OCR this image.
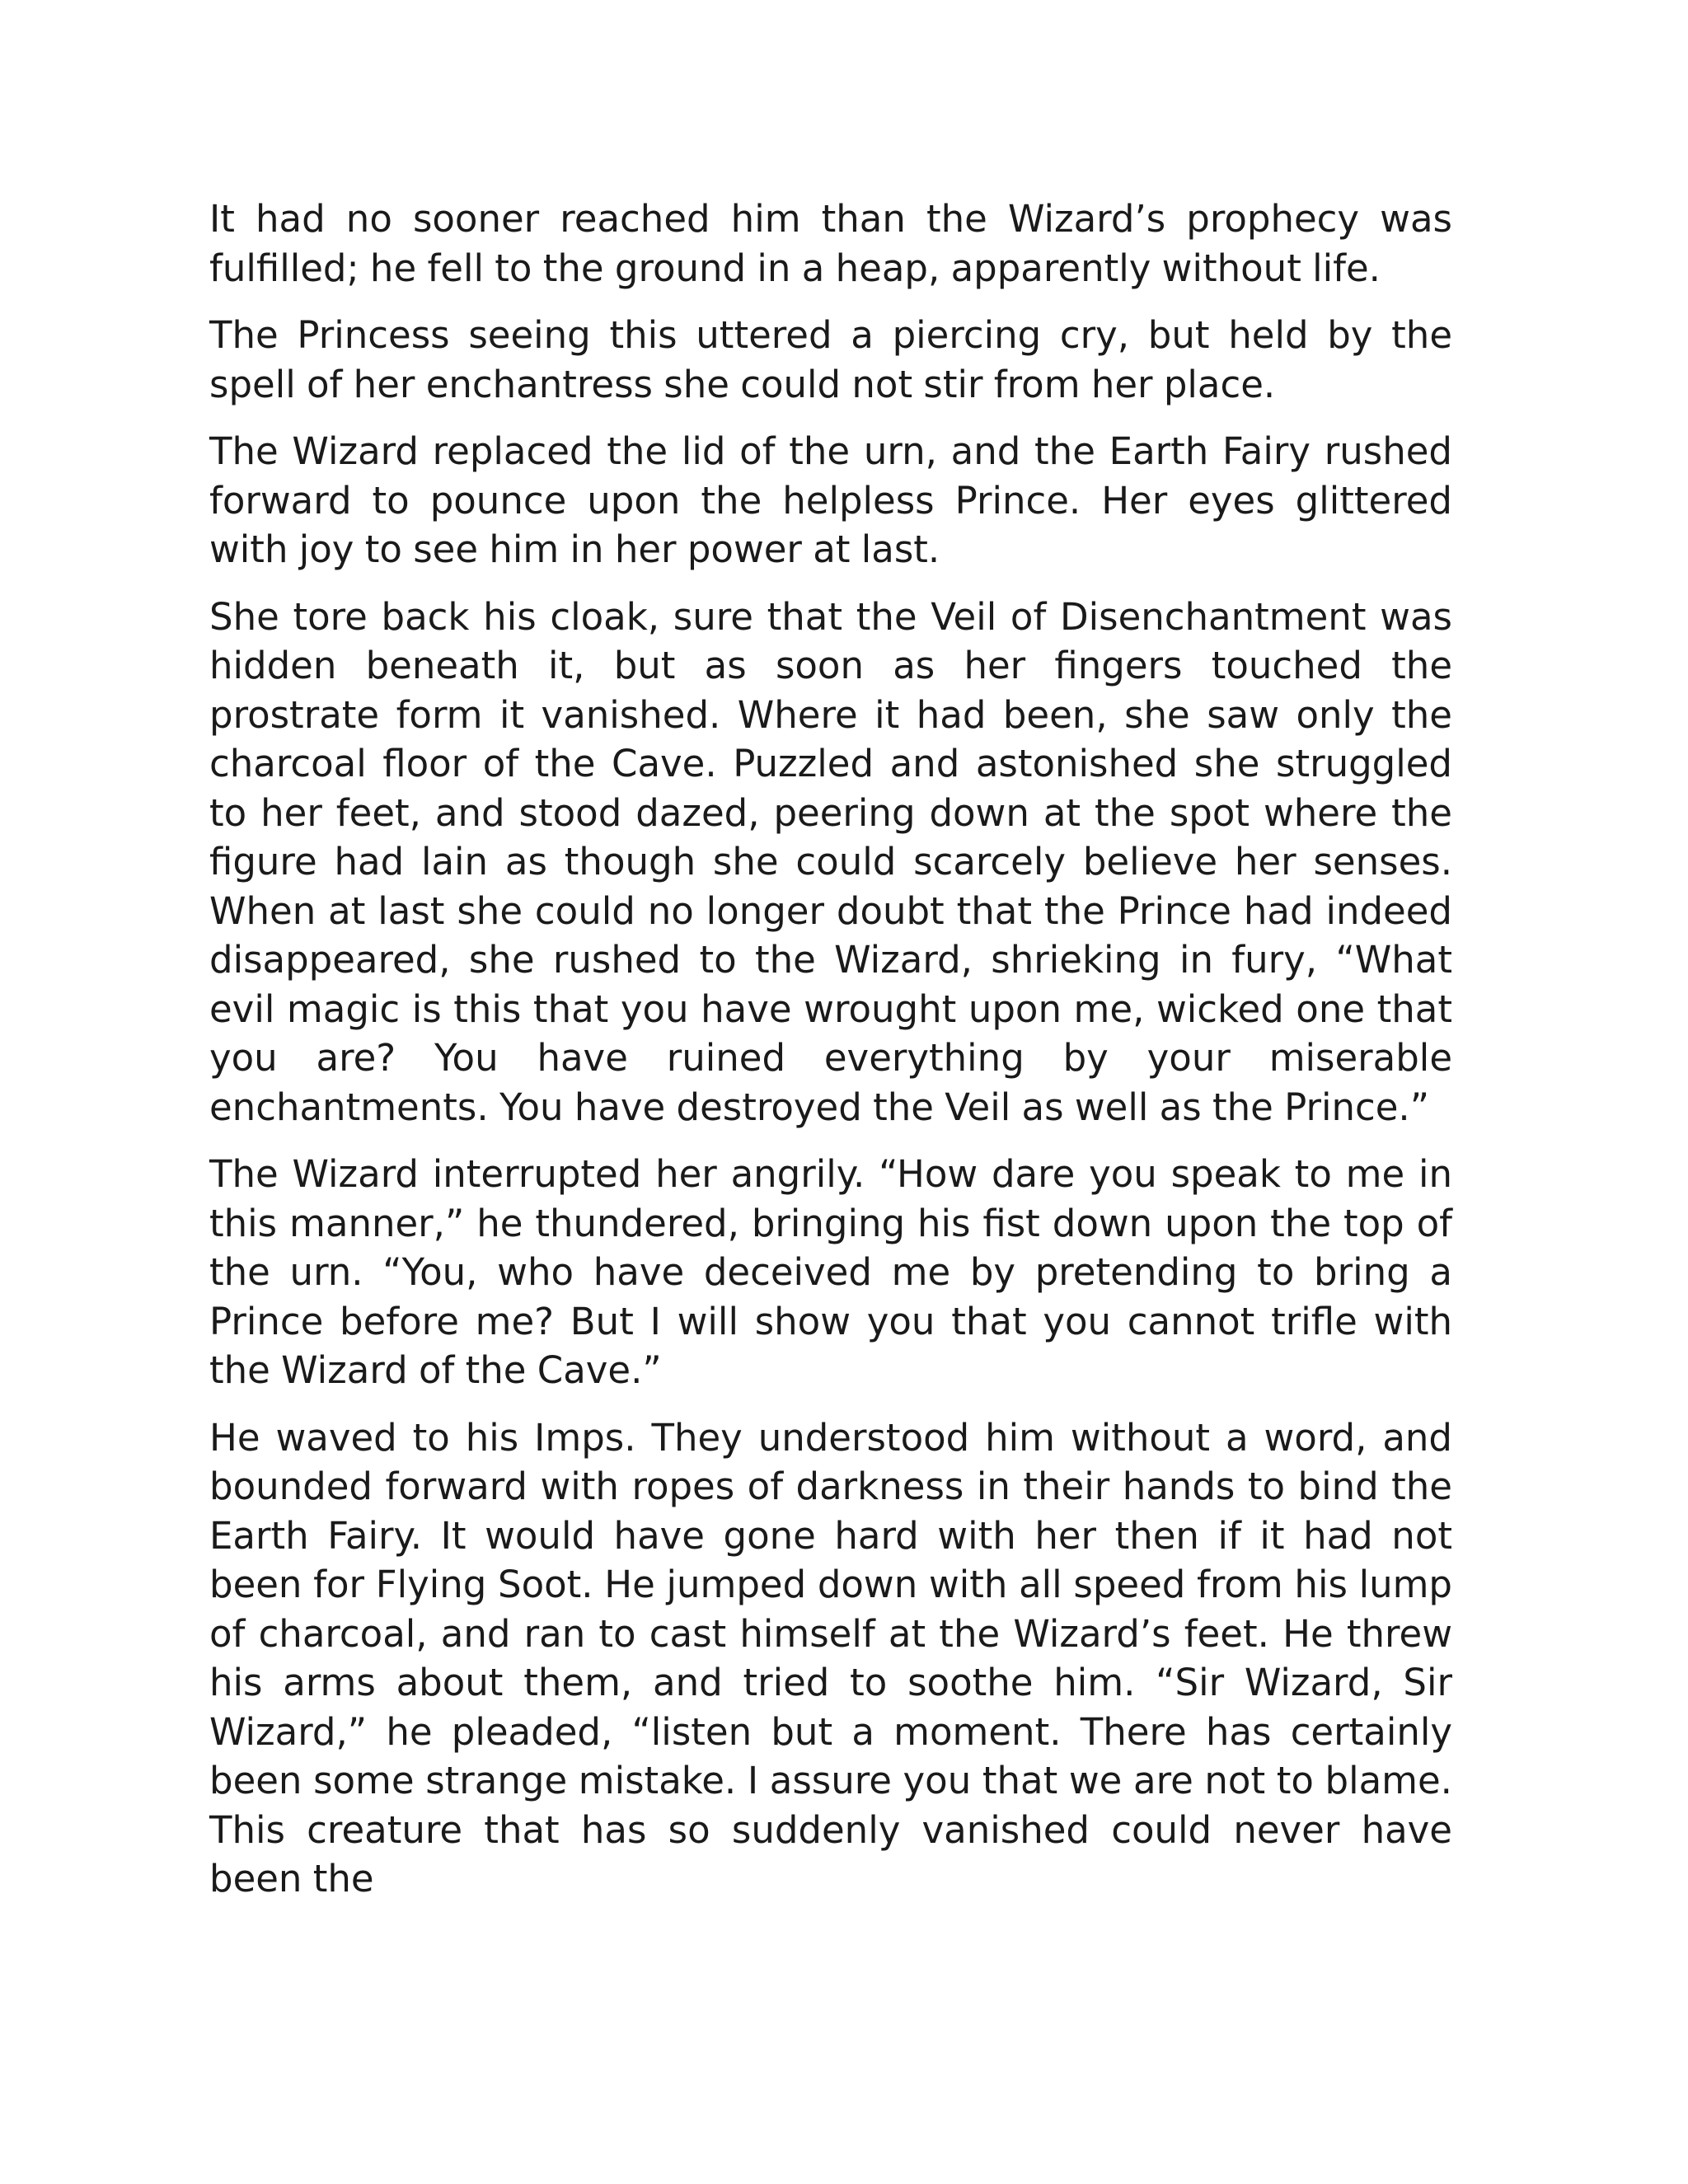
It had no sooner reached him than the Wizard’s prophecy was fulfilled; he fell to the ground in a heap, apparently without life.

The Princess seeing this uttered a piercing cry, but held by the spell of her enchantress she could not stir from her place.

The Wizard replaced the lid of the urn, and the Earth Fairy rushed forward to pounce upon the helpless Prince. Her eyes glittered with joy to see him in her power at last.

She tore back his cloak, sure that the Veil of Disenchantment was hidden beneath it, but as soon as her fingers touched the prostrate form it vanished. Where it had been, she saw only the charcoal floor of the Cave. Puzzled and astonished she struggled to her feet, and stood dazed, peering down at the spot where the figure had lain as though she could scarcely believe her senses. When at last she could no longer doubt that the Prince had indeed disappeared, she rushed to the Wizard, shrieking in fury, “What evil magic is this that you have wrought upon me, wicked one that you are? You have ruined everything by your miserable enchantments. You have destroyed the Veil as well as the Prince.”

The Wizard interrupted her angrily. “How dare you speak to me in this manner,” he thundered, bringing his fist down upon the top of the urn. “You, who have deceived me by pretending to bring a Prince before me? But I will show you that you cannot trifle with the Wizard of the Cave.”

He waved to his Imps. They understood him without a word, and bounded forward with ropes of darkness in their hands to bind the Earth Fairy. It would have gone hard with her then if it had not been for Flying Soot. He jumped down with all speed from his lump of charcoal, and ran to cast himself at the Wizard’s feet. He threw his arms about them, and tried to soothe him. “Sir Wizard, Sir Wizard,” he pleaded, “listen but a moment. There has certainly been some strange mistake. I assure you that we are not to blame. This creature that has so suddenly vanished could never have been the
